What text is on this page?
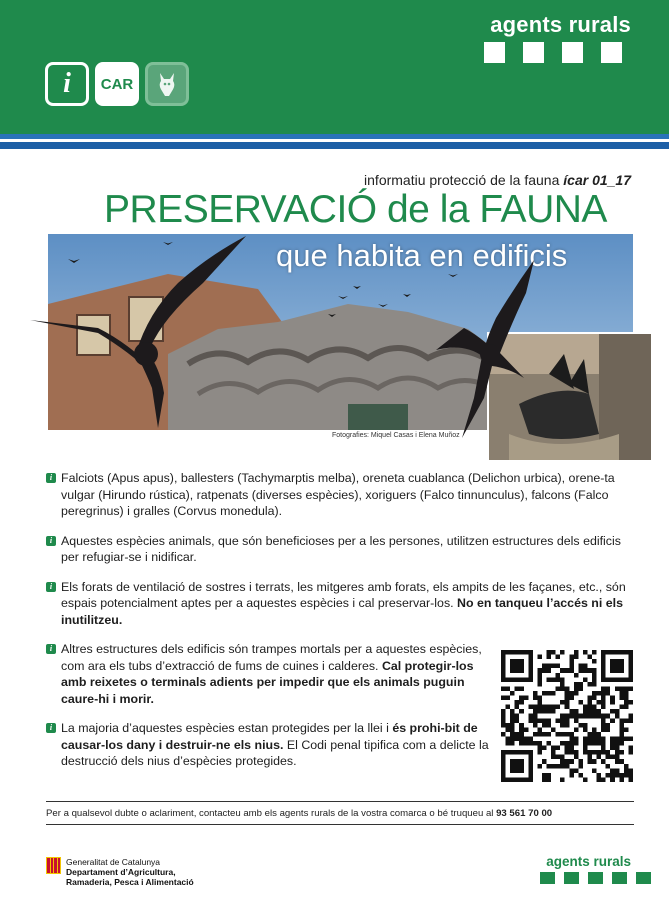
agents rurals
i	CAR
informatiu protecció de la fauna ícar 01_17
PRESERVACIÓ de la FAUNA
que habita en edificis
Fotografies: Miquel Casas i Elena Muñoz
i Falciots (Apus apus), ballesters (Tachymarptis melba), oreneta cuablanca (Delichon urbica), orene-ta vulgar (Hirundo rústica), ratpenats (diverses espècies), xoriguers (Falco tinnunculus), falcons (Falco peregrinus) i gralles (Corvus monedula).
i Aquestes espècies animals, que són beneficioses per a les persones, utilitzen estructures dels edificis per refugiar-se i nidificar.
i Els forats de ventilació de sostres i terrats, les mitgeres amb forats, els ampits de les façanes, etc., són espais potencialment aptes per a aquestes espècies i cal preservar-los. No en tanqueu l’accés ni els inutilitzeu.
i Altres estructures dels edificis són trampes mortals per a aquestes espècies, com ara els tubs d’extracció de fums de cuines i calderes. Cal protegir-los amb reixetes o terminals adients per impedir que els animals puguin caure-hi i morir.
i La majoria d’aquestes espècies estan protegides per la llei i és prohi-bit de causar-los dany i destruir-ne els nius. El Codi penal tipifica com a delicte la destrucció dels nius d’espècies protegides.
Per a qualsevol dubte o aclariment, contacteu amb els agents rurals de la vostra comarca o bé truqueu al 93 561 70 00
Generalitat de Catalunya
Departament d’Agricultura,
Ramaderia, Pesca i Alimentació
agents rurals
